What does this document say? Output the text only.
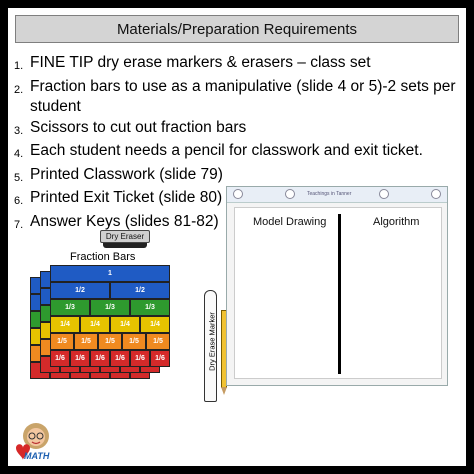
Materials/Preparation Requirements
1. FINE TIP dry erase markers & erasers – class set
2. Fraction bars to use as a manipulative (slide 4 or 5)-2 sets per student
3. Scissors to cut out fraction bars
4. Each student needs a pencil for classwork and exit ticket.
5. Printed Classwork (slide 79)
6. Printed Exit Ticket (slide 80)
7. Answer Keys (slides 81-82)
Dry Eraser
Fraction Bars
1
1/2	1/2
1/3	1/3	1/3
1/4	1/4	1/4	1/4
1/5	1/5	1/5	1/5	1/5
1/6	1/6	1/6	1/6	1/6	1/6	Dry Erase Marker
Teachings in Tanner
Model Drawing	Algorithm
MATH
